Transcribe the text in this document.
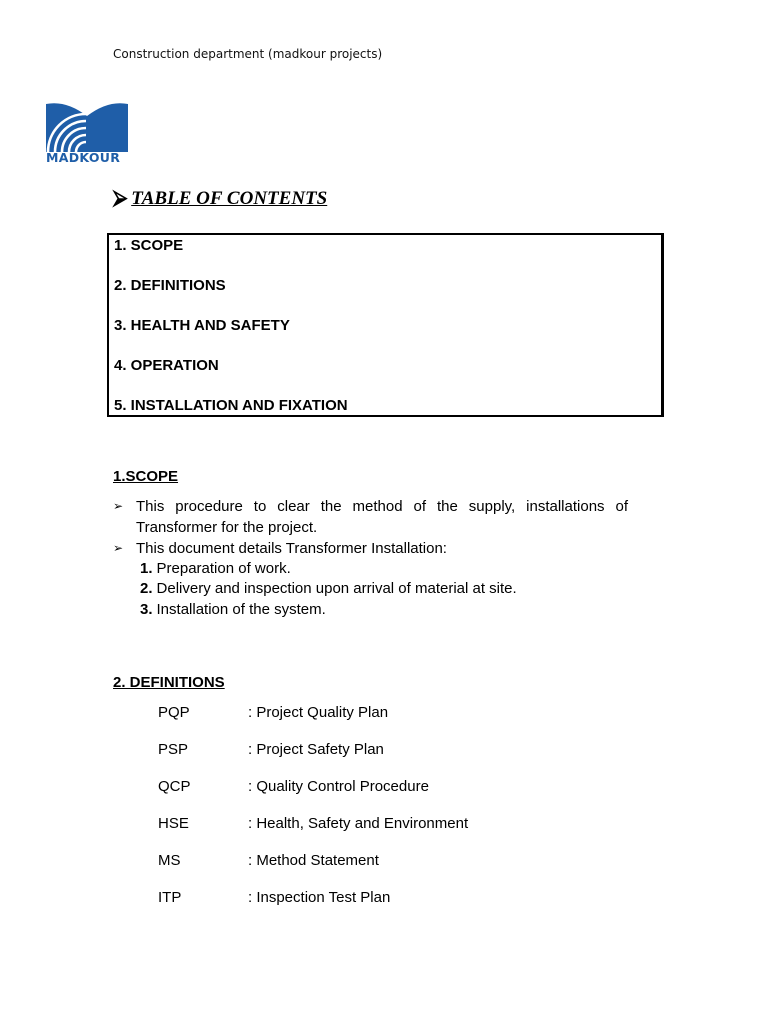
Construction department (madkour projects)
MADKOUR
⮚ TABLE OF CONTENTS
1. SCOPE
2. DEFINITIONS
3. HEALTH AND SAFETY
4. OPERATION
5. INSTALLATION AND FIXATION
1.SCOPE
➢ This procedure to clear the method of the supply, installations of
Transformer for the project.
➢ This document details Transformer Installation:
1. Preparation of work.
2. Delivery and inspection upon arrival of material at site.
3. Installation of the system.
2. DEFINITIONS
PQP	: Project Quality Plan
PSP	: Project Safety Plan
QCP	: Quality Control Procedure
HSE	: Health, Safety and Environment
MS	: Method Statement
ITP	: Inspection Test Plan
